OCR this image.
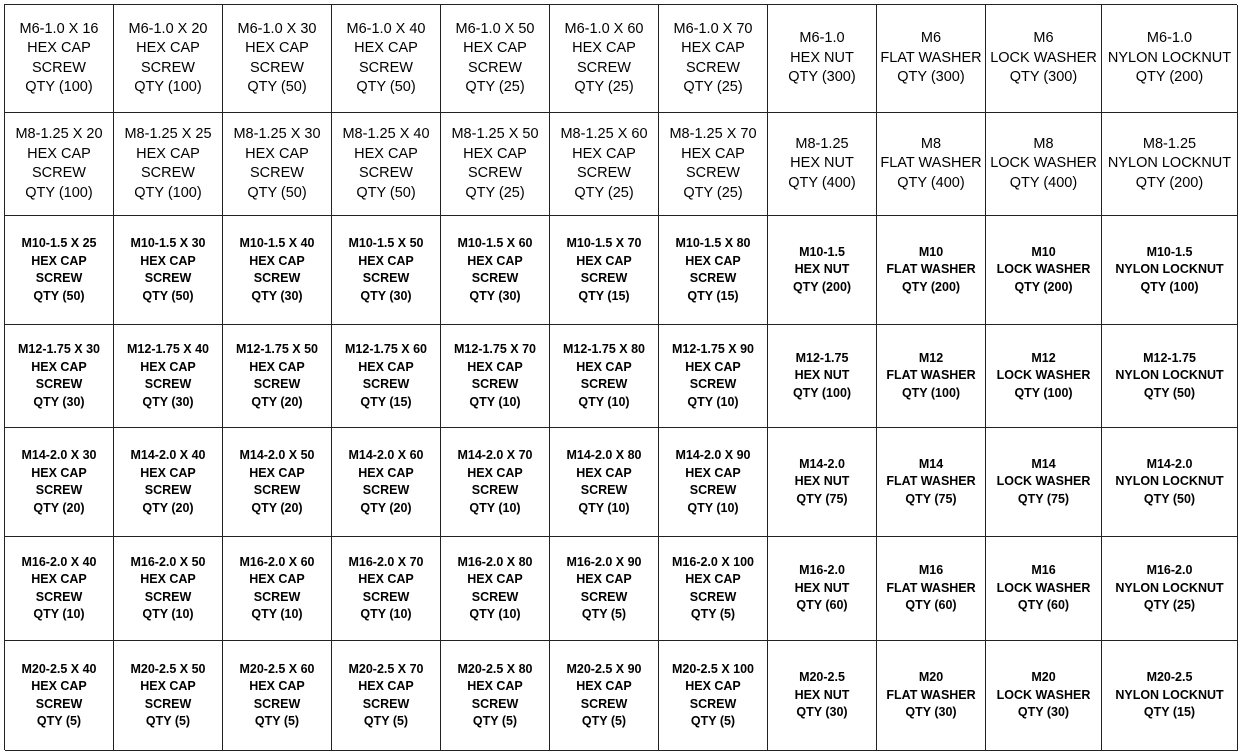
M6-1.0 X 16
HEX CAP
SCREW
QTY (100)
M6-1.0 X 20
HEX CAP
SCREW
QTY (100)
M6-1.0 X 30
HEX CAP
SCREW
QTY (50)
M6-1.0 X 40
HEX CAP
SCREW
QTY (50)
M6-1.0 X 50
HEX CAP
SCREW
QTY (25)
M6-1.0 X 60
HEX CAP
SCREW
QTY (25)
M6-1.0 X 70
HEX CAP
SCREW
QTY (25)
M6-1.0
HEX NUT
QTY (300)
M6
FLAT WASHER
QTY (300)
M6
LOCK WASHER
QTY (300)
M6-1.0
NYLON LOCKNUT
QTY (200)
M8-1.25 X 20
HEX CAP
SCREW
QTY (100)
M8-1.25 X 25
HEX CAP
SCREW
QTY (100)
M8-1.25 X 30
HEX CAP
SCREW
QTY (50)
M8-1.25 X 40
HEX CAP
SCREW
QTY (50)
M8-1.25 X 50
HEX CAP
SCREW
QTY (25)
M8-1.25 X 60
HEX CAP
SCREW
QTY (25)
M8-1.25 X 70
HEX CAP
SCREW
QTY (25)
M8-1.25
HEX NUT
QTY (400)
M8
FLAT WASHER
QTY (400)
M8
LOCK WASHER
QTY (400)
M8-1.25
NYLON LOCKNUT
QTY (200)
M10-1.5 X 25
HEX CAP
SCREW
QTY (50)
M10-1.5 X 30
HEX CAP
SCREW
QTY (50)
M10-1.5 X 40
HEX CAP
SCREW
QTY (30)
M10-1.5 X 50
HEX CAP
SCREW
QTY (30)
M10-1.5 X 60
HEX CAP
SCREW
QTY (30)
M10-1.5 X 70
HEX CAP
SCREW
QTY (15)
M10-1.5 X 80
HEX CAP
SCREW
QTY (15)
M10-1.5
HEX NUT
QTY (200)
M10
FLAT WASHER
QTY (200)
M10
LOCK WASHER
QTY (200)
M10-1.5
NYLON LOCKNUT
QTY (100)
M12-1.75 X 30
HEX CAP
SCREW
QTY (30)
M12-1.75 X 40
HEX CAP
SCREW
QTY (30)
M12-1.75 X 50
HEX CAP
SCREW
QTY (20)
M12-1.75 X 60
HEX CAP
SCREW
QTY (15)
M12-1.75 X 70
HEX CAP
SCREW
QTY (10)
M12-1.75 X 80
HEX CAP
SCREW
QTY (10)
M12-1.75 X 90
HEX CAP
SCREW
QTY (10)
M12-1.75
HEX NUT
QTY (100)
M12
FLAT WASHER
QTY (100)
M12
LOCK WASHER
QTY (100)
M12-1.75
NYLON LOCKNUT
QTY (50)
M14-2.0 X 30
HEX CAP
SCREW
QTY (20)
M14-2.0 X 40
HEX CAP
SCREW
QTY (20)
M14-2.0 X 50
HEX CAP
SCREW
QTY (20)
M14-2.0 X 60
HEX CAP
SCREW
QTY (20)
M14-2.0 X 70
HEX CAP
SCREW
QTY (10)
M14-2.0 X 80
HEX CAP
SCREW
QTY (10)
M14-2.0 X 90
HEX CAP
SCREW
QTY (10)
M14-2.0
HEX NUT
QTY (75)
M14
FLAT WASHER
QTY (75)
M14
LOCK WASHER
QTY (75)
M14-2.0
NYLON LOCKNUT
QTY (50)
M16-2.0 X 40
HEX CAP
SCREW
QTY (10)
M16-2.0 X 50
HEX CAP
SCREW
QTY (10)
M16-2.0 X 60
HEX CAP
SCREW
QTY (10)
M16-2.0 X 70
HEX CAP
SCREW
QTY (10)
M16-2.0 X 80
HEX CAP
SCREW
QTY (10)
M16-2.0 X 90
HEX CAP
SCREW
QTY (5)
M16-2.0 X 100
HEX CAP
SCREW
QTY (5)
M16-2.0
HEX NUT
QTY (60)
M16
FLAT WASHER
QTY (60)
M16
LOCK WASHER
QTY (60)
M16-2.0
NYLON LOCKNUT
QTY (25)
M20-2.5 X 40
HEX CAP
SCREW
QTY (5)
M20-2.5 X 50
HEX CAP
SCREW
QTY (5)
M20-2.5 X 60
HEX CAP
SCREW
QTY (5)
M20-2.5 X 70
HEX CAP
SCREW
QTY (5)
M20-2.5 X 80
HEX CAP
SCREW
QTY (5)
M20-2.5 X 90
HEX CAP
SCREW
QTY (5)
M20-2.5 X 100
HEX CAP
SCREW
QTY (5)
M20-2.5
HEX NUT
QTY (30)
M20
FLAT WASHER
QTY (30)
M20
LOCK WASHER
QTY (30)
M20-2.5
NYLON LOCKNUT
QTY (15)
